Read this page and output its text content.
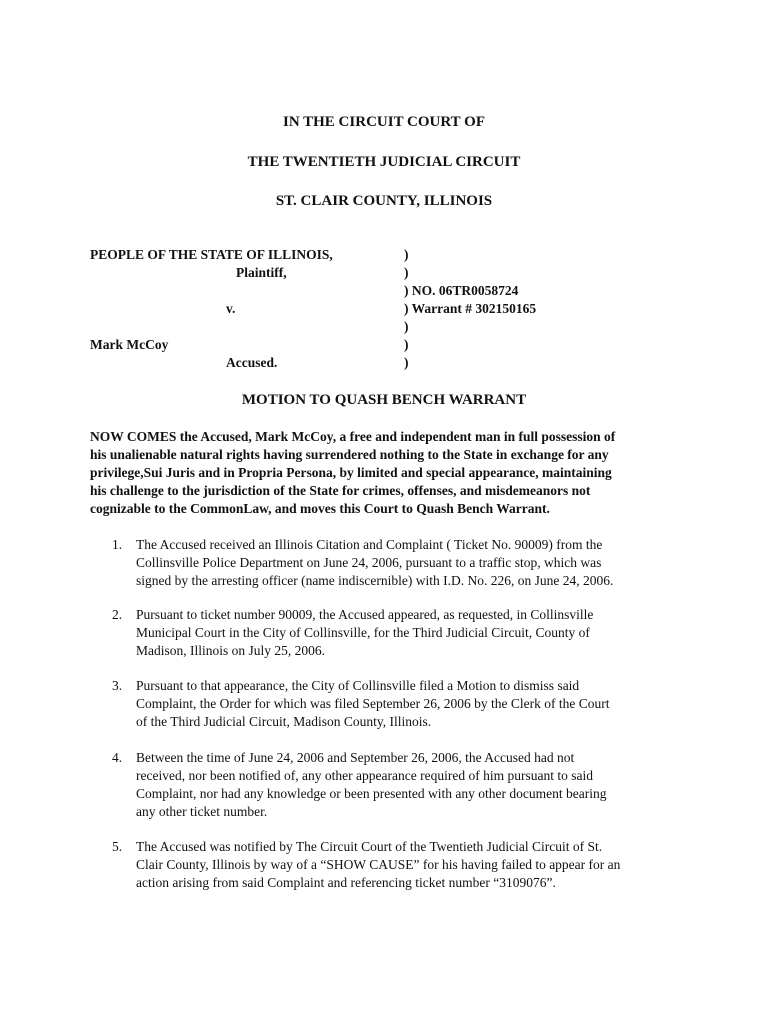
IN THE CIRCUIT COURT OF
THE TWENTIETH JUDICIAL CIRCUIT
ST. CLAIR COUNTY, ILLINOIS
PEOPLE OF THE STATE OF ILLINOIS,
Plaintiff,
v.
Mark McCoy
Accused.
)
)
) NO. 06TR0058724
) Warrant # 302150165
)
)
)
MOTION TO QUASH BENCH WARRANT
NOW COMES the Accused, Mark McCoy, a free and independent man in full possession of
his unalienable natural rights having surrendered nothing to the State in exchange for any
privilege,Sui Juris and in Propria Persona, by limited and special appearance, maintaining
his challenge to the jurisdiction of the State for crimes, offenses, and misdemeanors not
cognizable to the CommonLaw, and moves this Court to Quash Bench Warrant.
1. The Accused received an Illinois Citation and Complaint ( Ticket No. 90009) from the
Collinsville Police Department on June 24, 2006, pursuant to a traffic stop, which was
signed by the arresting officer (name indiscernible) with I.D. No. 226, on June 24, 2006.
2. Pursuant to ticket number 90009, the Accused appeared, as requested, in Collinsville
Municipal Court in the City of Collinsville, for the Third Judicial Circuit, County of
Madison, Illinois on July 25, 2006.
3. Pursuant to that appearance, the City of Collinsville filed a Motion to dismiss said
Complaint, the Order for which was filed September 26, 2006 by the Clerk of the Court
of the Third Judicial Circuit, Madison County, Illinois.
4. Between the time of June 24, 2006 and September 26, 2006, the Accused had not
received, nor been notified of, any other appearance required of him pursuant to said
Complaint, nor had any knowledge or been presented with any other document bearing
any other ticket number.
5. The Accused was notified by The Circuit Court of the Twentieth Judicial Circuit of St.
Clair County, Illinois by way of a “SHOW CAUSE” for his having failed to appear for an
action arising from said Complaint and referencing ticket number “3109076”.
